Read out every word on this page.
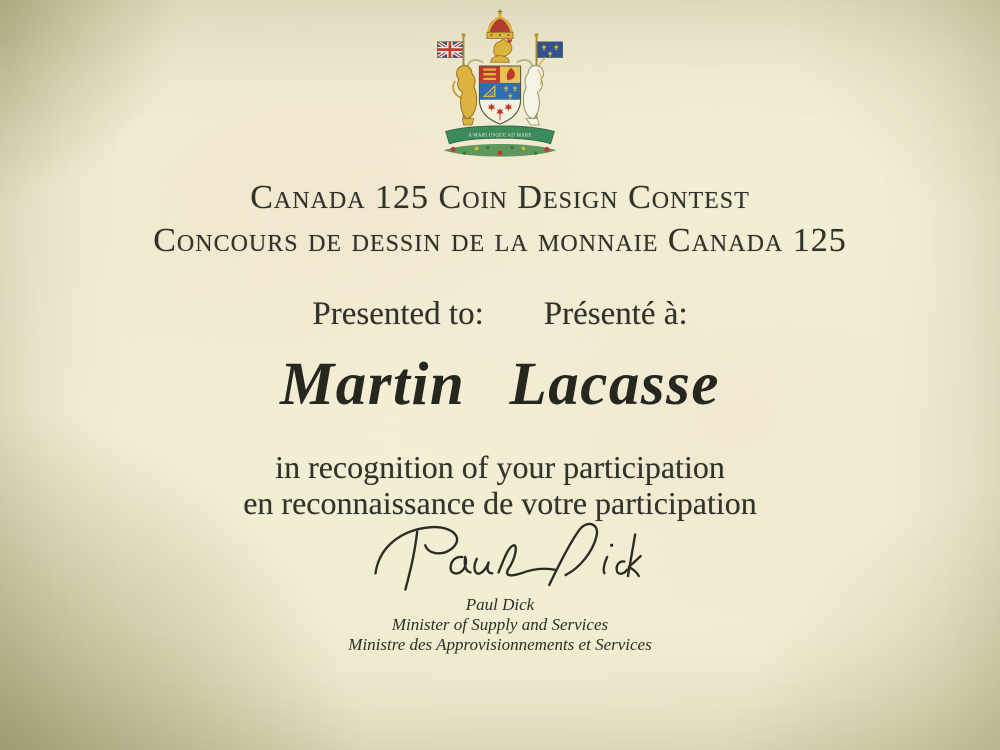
A MARI USQUE AD MARE
Canada 125 Coin Design Contest
Concours de dessin de la monnaie Canada 125
Presented to: Présenté à:
Martin Lacasse
in recognition of your participation
en reconnaissance de votre participation
Paul Dick
Minister of Supply and Services
Ministre des Approvisionnements et Services
